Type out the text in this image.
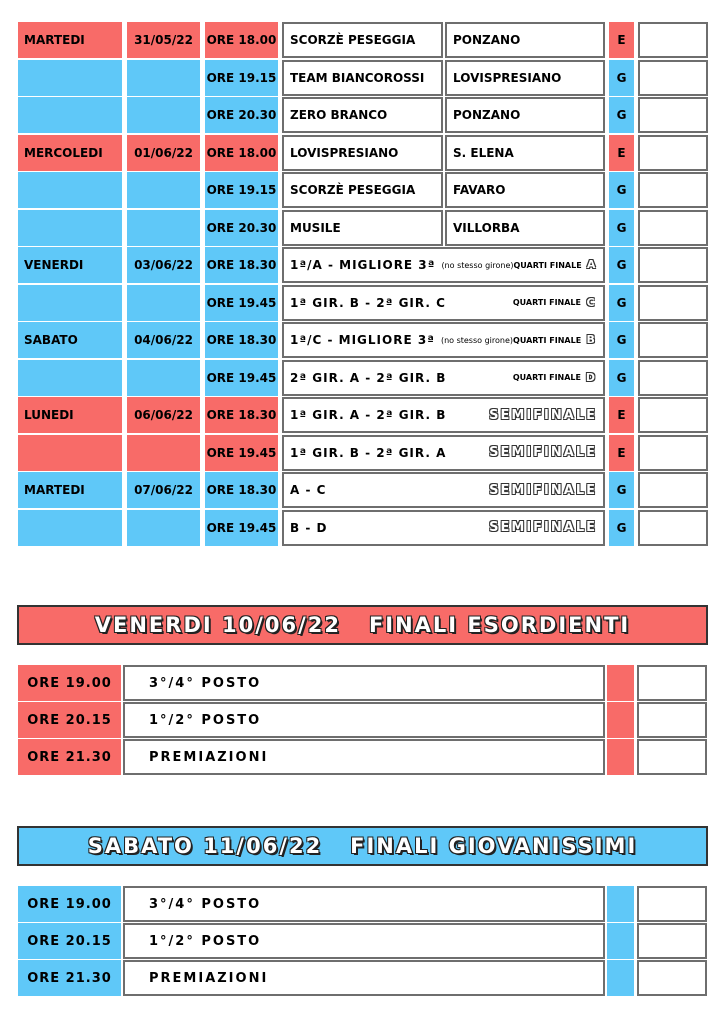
MARTEDI	31/05/22	ORE 18.00	SCORZÈ PESEGGIA	PONZANO	E
ORE 19.15	TEAM BIANCOROSSI	LOVISPRESIANO	G
ORE 20.30	ZERO BRANCO	PONZANO	G
MERCOLEDI	01/06/22	ORE 18.00	LOVISPRESIANO	S. ELENA	E
ORE 19.15	SCORZÈ PESEGGIA	FAVARO	G
ORE 20.30	MUSILE	VILLORBA	G
VENERDI	03/06/22	ORE 18.30 1ª/A - MIGLIORE 3ª (no stesso girone) QUARTI FINALE A	G
ORE 19.45 1ª GIR. B - 2ª GIR. C	QUARTI FINALE C	G
SABATO	04/06/22	ORE 18.30 1ª/C - MIGLIORE 3ª (no stesso girone) QUARTI FINALE B	G
ORE 19.45 2ª GIR. A - 2ª GIR. B	QUARTI FINALE D	G
LUNEDI	06/06/22	ORE 18.30 1ª GIR. A - 2ª GIR. B	SEMIFINALE	E
ORE 19.45 1ª GIR. B - 2ª GIR. A	SEMIFINALE	E
MARTEDI	07/06/22	ORE 18.30 A - C	SEMIFINALE	G
ORE 19.45 B - D	SEMIFINALE	G
VENERDI 10/06/22   FINALI ESORDIENTI
ORE 19.00	3°/4° POSTO
ORE 20.15	1°/2° POSTO
ORE 21.30	PREMIAZIONI
SABATO 11/06/22   FINALI GIOVANISSIMI
ORE 19.00	3°/4° POSTO
ORE 20.15	1°/2° POSTO
ORE 21.30	PREMIAZIONI
